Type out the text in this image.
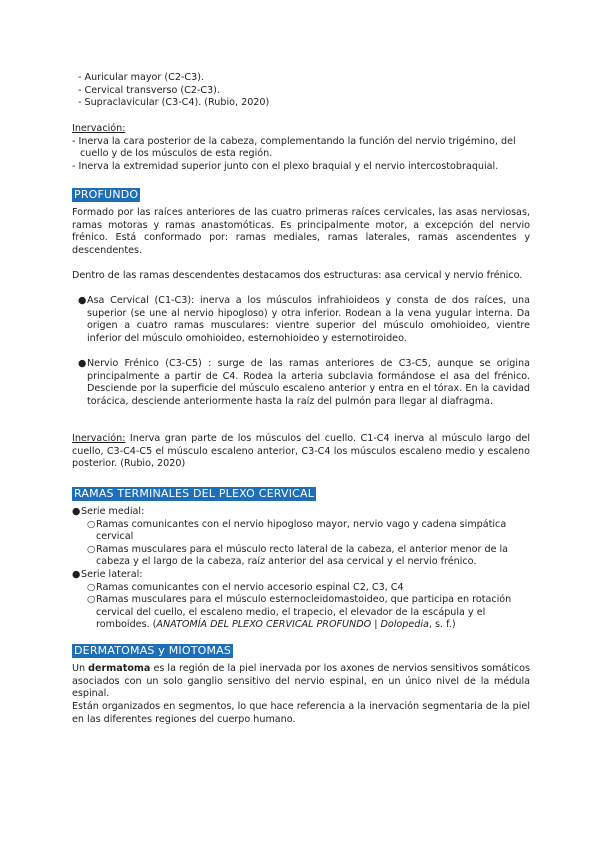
- Auricular mayor (C2-C3).
- Cervical transverso (C2-C3).
- Supraclavicular (C3-C4). (Rubio, 2020)
Inervación:
- Inerva la cara posterior de la cabeza, complementando la función del nervio trigémino, del
cuello y de los músculos de esta región.
- Inerva la extremidad superior junto con el plexo braquial y el nervio intercostobraquial.
PROFUNDO
Formado por las raíces anteriores de las cuatro primeras raíces cervicales, las asas nerviosas, ramas motoras y ramas anastomóticas. Es principalmente motor, a excepción del nervio frénico. Está conformado por: ramas mediales, ramas laterales, ramas ascendentes y descendentes.
Dentro de las ramas descendentes destacamos dos estructuras: asa cervical y nervio frénico.
● Asa Cervical (C1-C3): inerva a los músculos infrahioideos y consta de dos raíces, una superior (se une al nervio hipogloso) y otra inferior. Rodean a la vena yugular interna. Da origen a cuatro ramas musculares: vientre superior del músculo omohioideo, vientre inferior del músculo omohioideo, esternohioideo y esternotiroideo.
● Nervio Frénico (C3-C5) : surge de las ramas anteriores de C3-C5, aunque se origina principalmente a partir de C4. Rodea la arteria subclavia formándose el asa del frénico. Desciende por la superficie del músculo escaleno anterior y entra en el tórax. En la cavidad torácica, desciende anteriormente hasta la raíz del pulmón para llegar al diafragma.
Inervación: Inerva gran parte de los músculos del cuello. C1-C4 inerva al músculo largo del cuello, C3-C4-C5 el músculo escaleno anterior, C3-C4 los músculos escaleno medio y escaleno posterior. (Rubio, 2020)
RAMAS TERMINALES DEL PLEXO CERVICAL
● Serie medial:
○ Ramas comunicantes con el nervio hipogloso mayor, nervio vago y cadena simpática cervical
○ Ramas musculares para el músculo recto lateral de la cabeza, el anterior menor de la cabeza y el largo de la cabeza, raíz anterior del asa cervical y el nervio frénico.
● Serie lateral:
○ Ramas comunicantes con el nervio accesorio espinal C2, C3, C4
○ Ramas musculares para el músculo esternocleidomastoideo, que participa en rotación cervical del cuello, el escaleno medio, el trapecio, el elevador de la escápula y el romboides. (ANATOMÍA DEL PLEXO CERVICAL PROFUNDO | Dolopedia, s. f.)
DERMATOMAS y MIOTOMAS
Un dermatoma es la región de la piel inervada por los axones de nervios sensitivos somáticos asociados con un solo ganglio sensitivo del nervio espinal, en un único nivel de la médula espinal.
Están organizados en segmentos, lo que hace referencia a la inervación segmentaria de la piel en las diferentes regiones del cuerpo humano.
